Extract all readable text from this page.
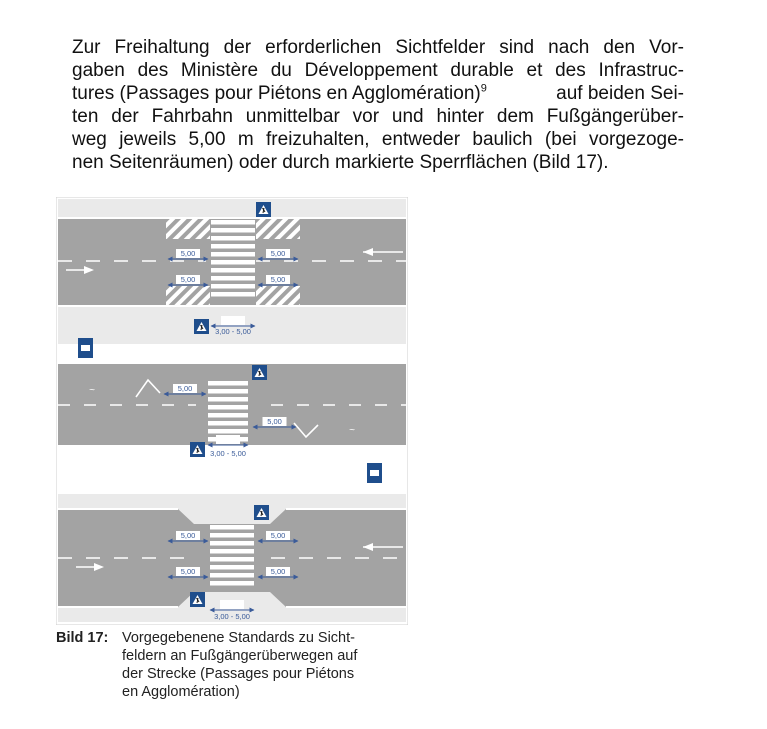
Zur Freihaltung der erforderlichen Sichtfelder sind nach den Vor-
gaben des Ministère du Développement durable et des Infrastruc-
tures (Passages pour Piétons en Agglomération)$^9$	auf beiden Sei-
ten der Fahrbahn unmittelbar vor und hinter dem Fußgängerüber-
weg jeweils 5,00 m freizuhalten, entweder baulich (bei vorgezoge-
nen Seitenräumen) oder durch markierte Sperrflächen (Bild 17).
5,00	5,00
5,00	5,00
3,00 - 5,00
~
~
5,00
5,00
3,00 - 5,00
5,00	5,00
5,00	5,00
3,00 - 5,00
Bild 17: Vorgegebenene Standards zu Sicht-
feldern an Fußgängerüberwegen auf
der Strecke (Passages pour Piétons
en Agglomération)
